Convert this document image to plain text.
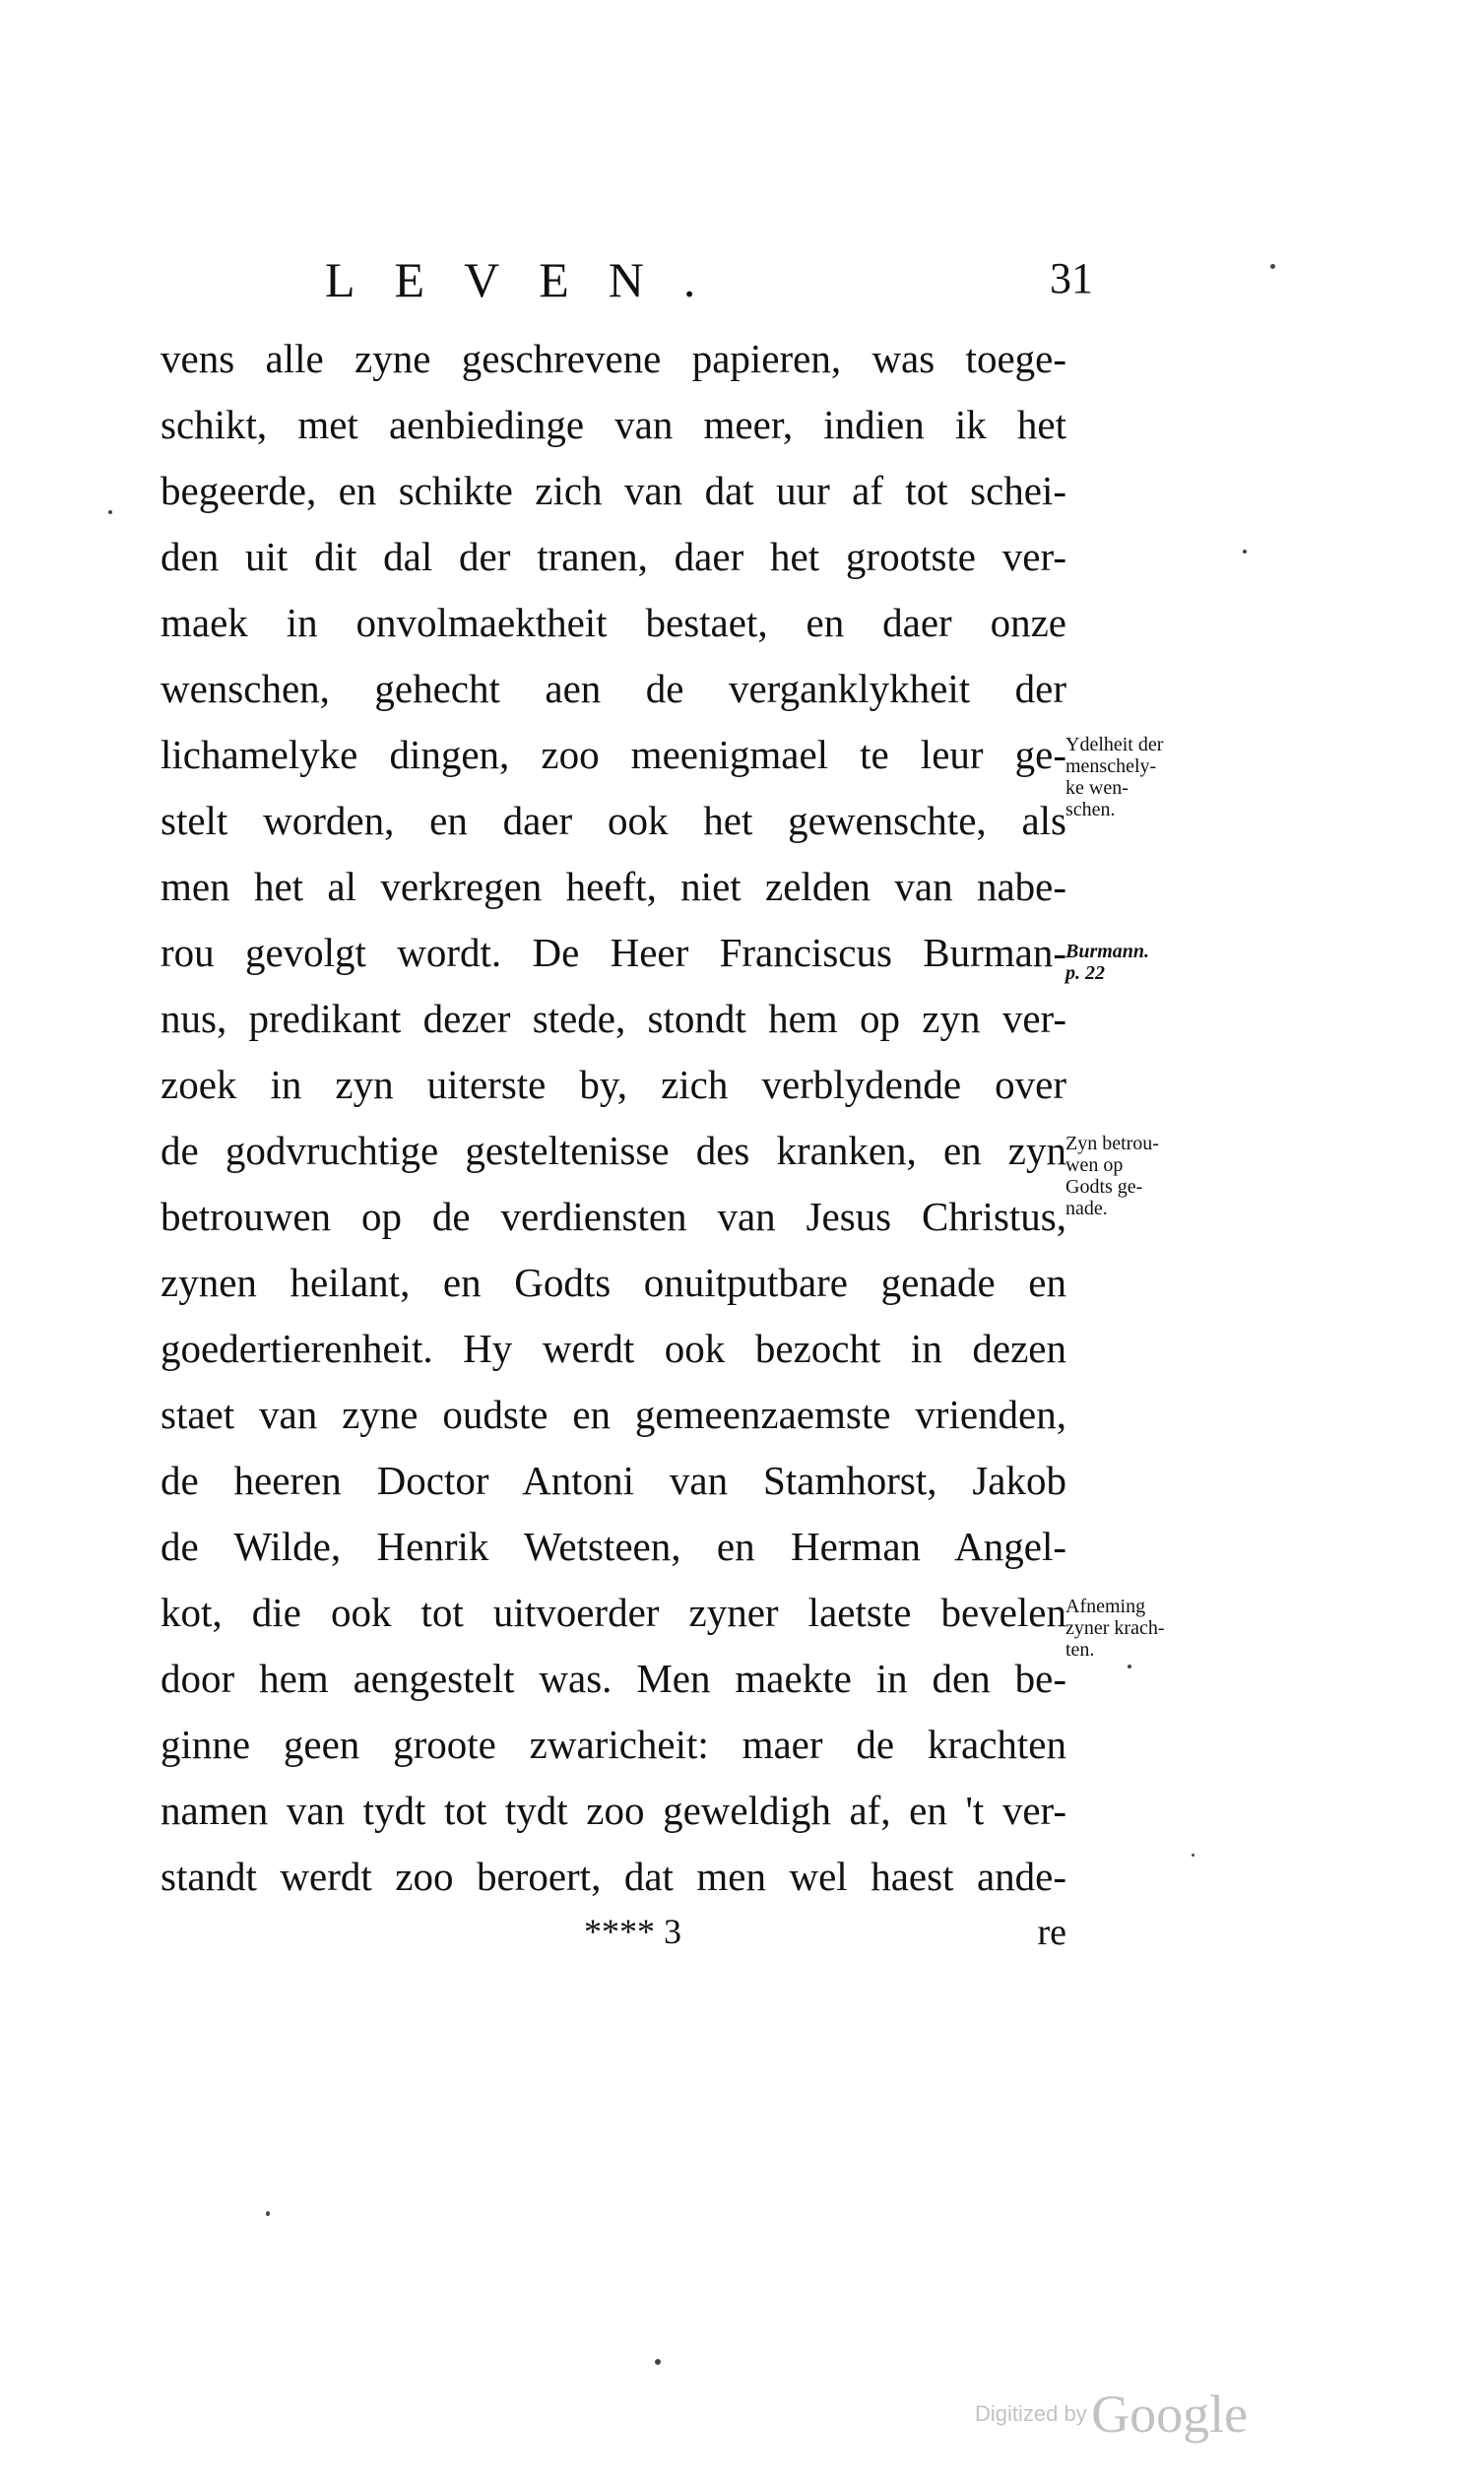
LEVEN.	31
vens alle zyne geschrevene papieren, was toege-
schikt, met aenbiedinge van meer, indien ik het
begeerde, en schikte zich van dat uur af tot schei-
den uit dit dal der tranen, daer het grootste ver-
maek in onvolmaektheit bestaet, en daer onze
wenschen, gehecht aen de verganklykheit der
lichamelyke dingen, zoo meenigmael te leur ge-
stelt worden, en daer ook het gewenschte, als
men het al verkregen heeft, niet zelden van nabe-
rou gevolgt wordt. De Heer Franciscus Burman-
nus, predikant dezer stede, stondt hem op zyn ver-
zoek in zyn uiterste by, zich verblydende over
de godvruchtige gesteltenisse des kranken, en zyn
betrouwen op de verdiensten van Jesus Christus,
zynen heilant, en Godts onuitputbare genade en
goedertierenheit. Hy werdt ook bezocht in dezen
staet van zyne oudste en gemeenzaemste vrienden,
de heeren Doctor Antoni van Stamhorst, Jakob
de Wilde, Henrik Wetsteen, en Herman Angel-
kot, die ook tot uitvoerder zyner laetste bevelen
door hem aengestelt was. Men maekte in den be-
ginne geen groote zwaricheit: maer de krachten
namen van tydt tot tydt zoo geweldigh af, en 't ver-
standt werdt zoo beroert, dat men wel haest ande-
Ydelheit der
menschely-
ke wen-
schen.
Burmann.
p. 22
Zyn betrou-
wen op
Godts ge-
nade.
Afneming
zyner krach-
ten.
**** 3	re
Digitized by Google
